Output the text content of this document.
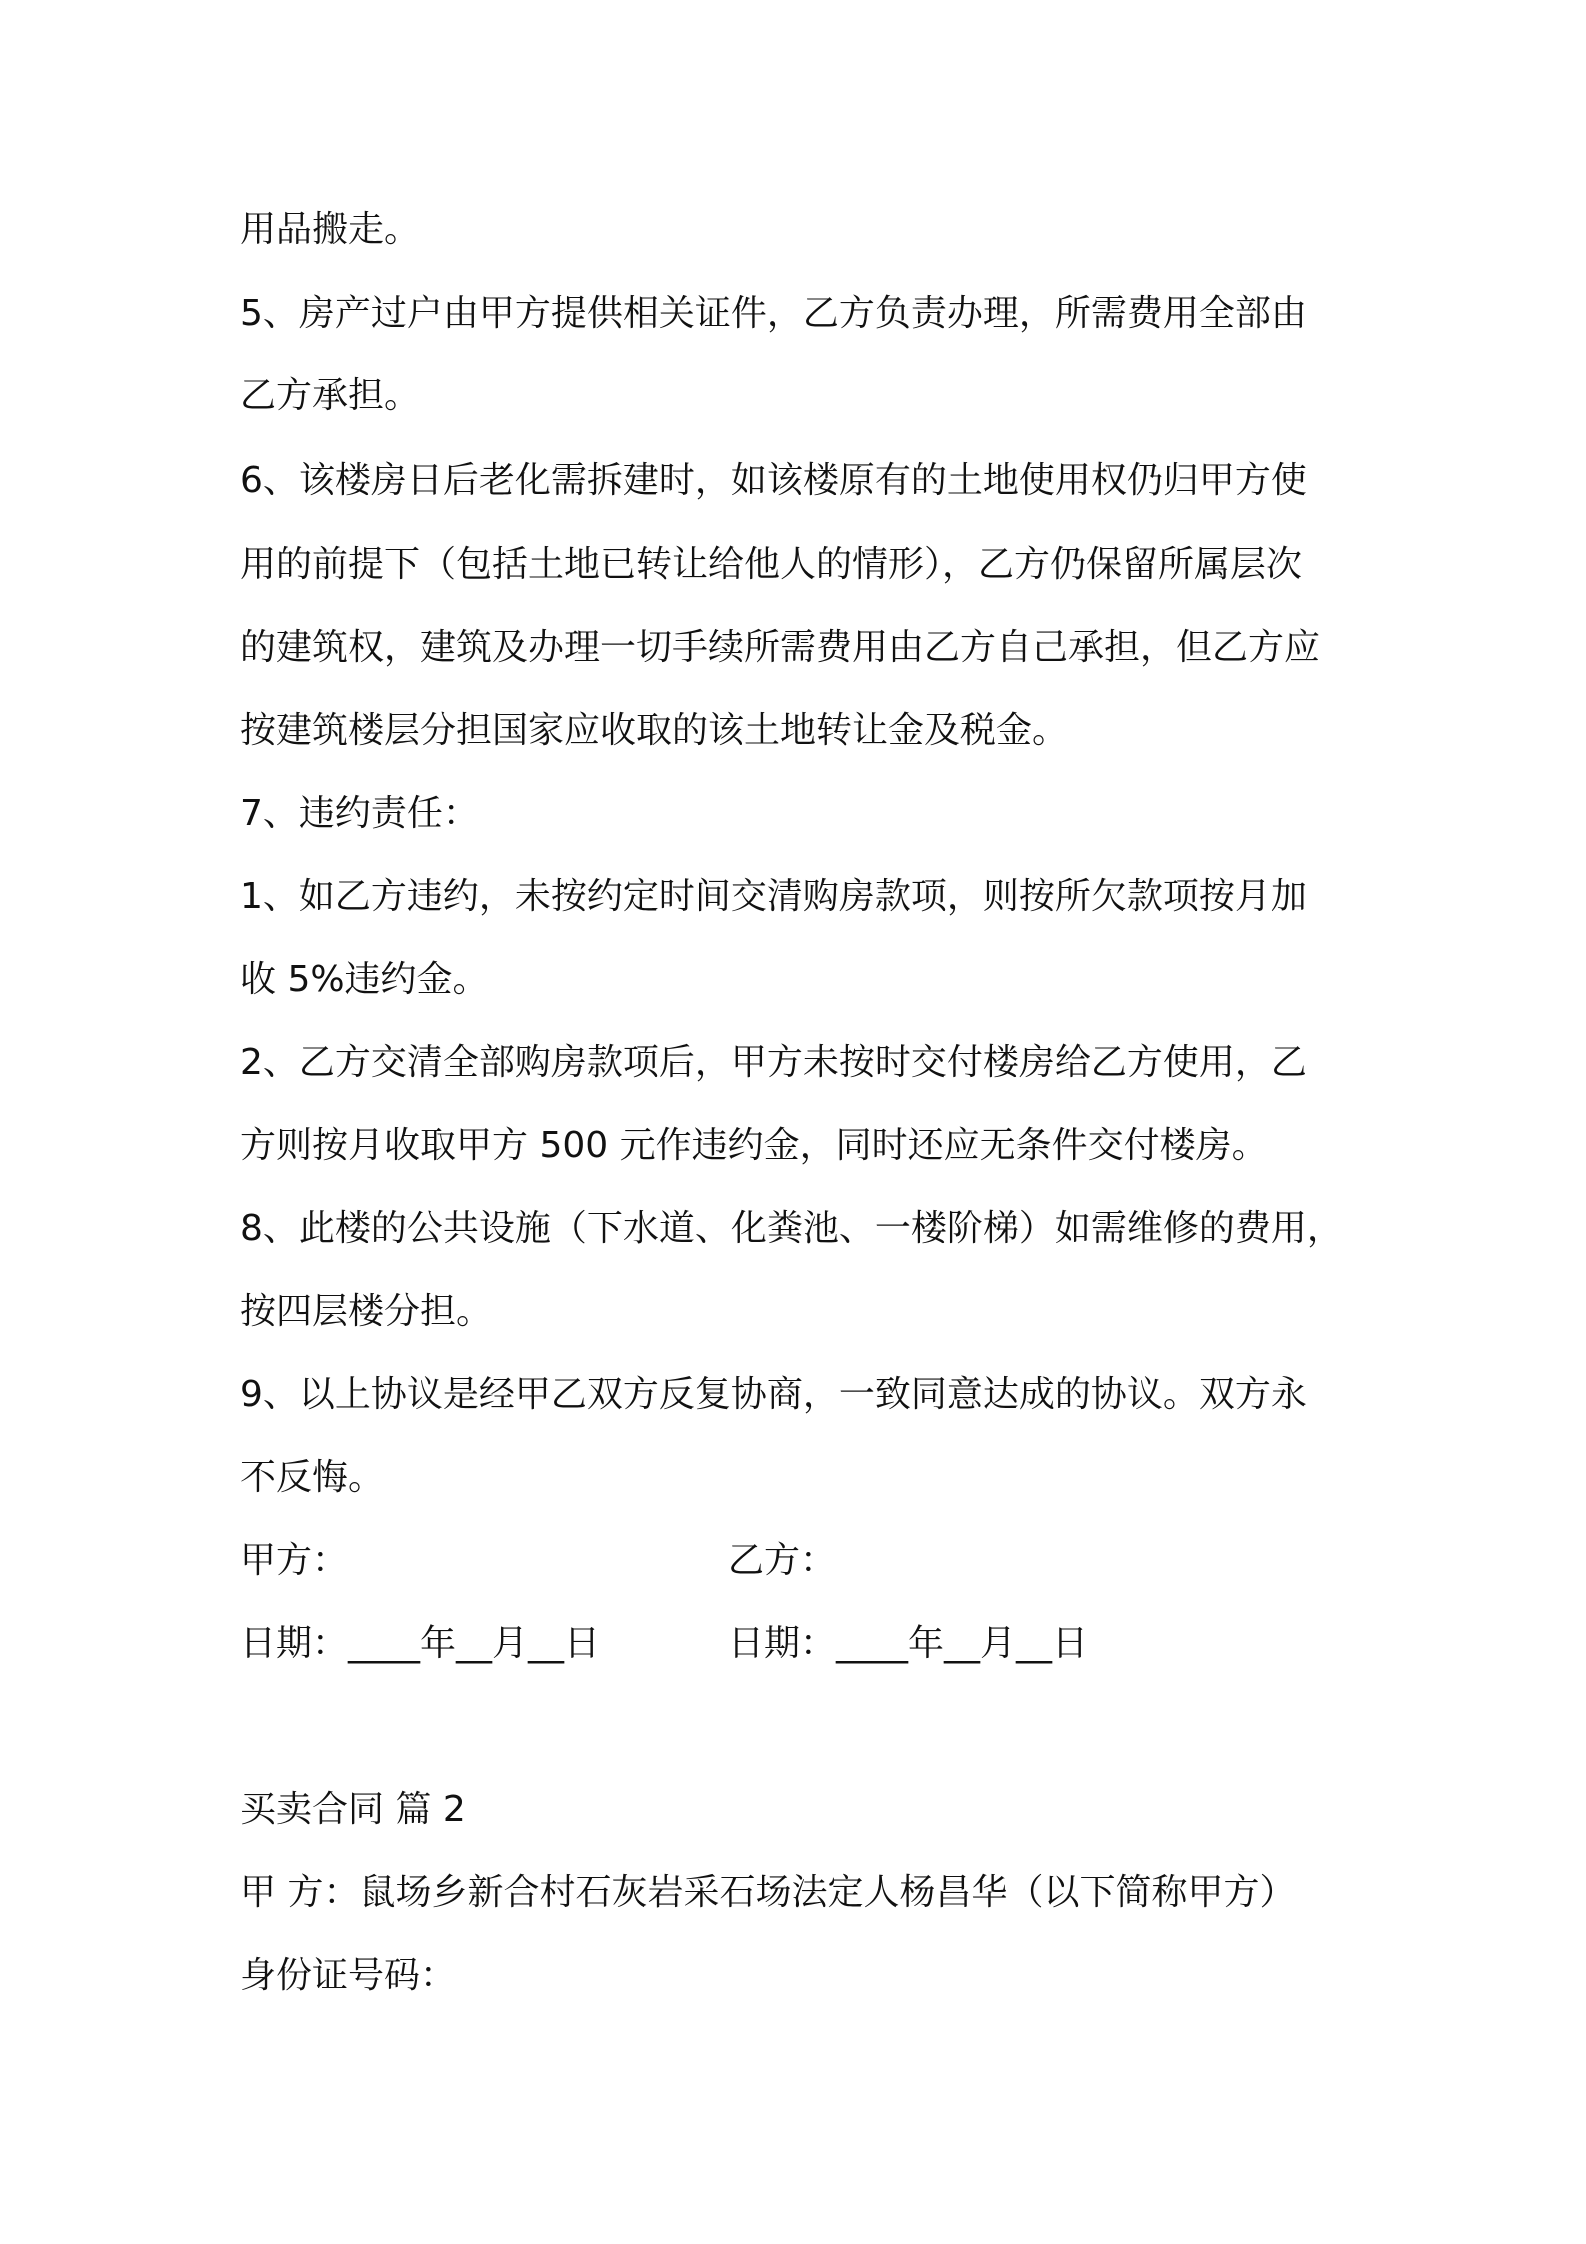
用品搬走。
5、房产过户由甲方提供相关证件，乙方负责办理，所需费用全部由
乙方承担。
6、该楼房日后老化需拆建时，如该楼原有的土地使用权仍归甲方使
用的前提下（包括土地已转让给他人的情形），乙方仍保留所属层次
的建筑权，建筑及办理一切手续所需费用由乙方自己承担，但乙方应
按建筑楼层分担国家应收取的该土地转让金及税金。
7、违约责任：
1、如乙方违约，未按约定时间交清购房款项，则按所欠款项按月加
收 5%违约金。
2、乙方交清全部购房款项后，甲方未按时交付楼房给乙方使用，乙
方则按月收取甲方 500 元作违约金，同时还应无条件交付楼房。
8、此楼的公共设施（下水道、化粪池、一楼阶梯）如需维修的费用，
按四层楼分担。
9、以上协议是经甲乙双方反复协商，一致同意达成的协议。双方永
不反悔。
甲方：	乙方：
日期：____年__月__日	日期：____年__月__日
买卖合同 篇 2
甲 方：鼠场乡新合村石灰岩采石场法定人杨昌华（以下简称甲方）
身份证号码：
